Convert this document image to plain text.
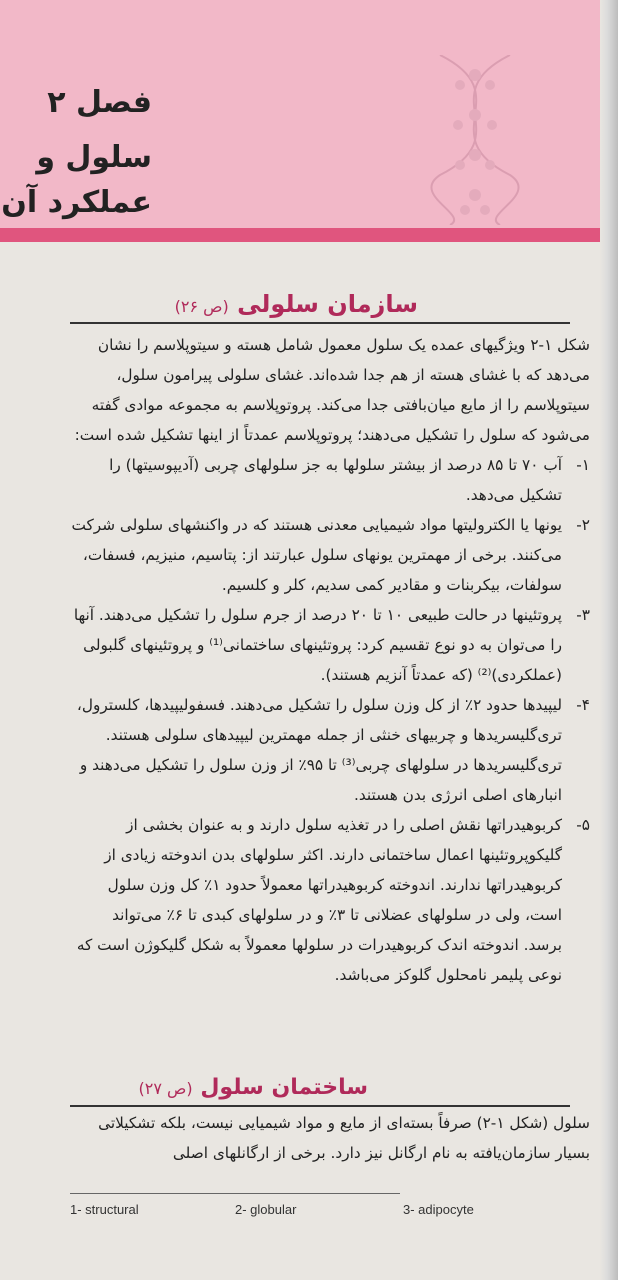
فصل ۲
سلول و
عملکرد آن
سازمان سلولی (ص ۲۶)

شکل ۱-۲ ویژگیهای عمده یک سلول معمول شامل هسته و سیتوپلاسم را نشان می‌دهد که با غشای هسته از هم جدا شده‌اند. غشای سلولی پیرامون سلول، سیتوپلاسم را از مایع میان‌بافتی جدا می‌کند. پروتوپلاسم به مجموعه موادی گفته می‌شود که سلول را تشکیل می‌دهند؛ پروتوپلاسم عمدتاً از اینها تشکیل شده است:

۱-
آب ۷۰ تا ۸۵ درصد از بیشتر سلولها به جز سلولهای چربی (آدیپوسیتها) را تشکیل می‌دهد.
۲-
یونها یا الکترولیتها مواد شیمیایی معدنی هستند که در واکنشهای سلولی شرکت می‌کنند. برخی از مهمترین یونهای سلول عبارتند از: پتاسیم، منیزیم، فسفات، سولفات، بیکربنات و مقادیر کمی سدیم، کلر و کلسیم.
۳-
پروتئینها در حالت طبیعی ۱۰ تا ۲۰ درصد از جرم سلول را تشکیل می‌دهند. آنها را می‌توان به دو نوع تقسیم کرد: پروتئینهای ساختمانی⁽¹⁾ و پروتئینهای گلبولی (عملکردی)⁽²⁾ (که عمدتاً آنزیم هستند).
۴-
لیپیدها حدود ۲٪ از کل وزن سلول را تشکیل می‌دهند. فسفولیپیدها، کلسترول، تری‌گلیسریدها و چربیهای خنثی از جمله مهمترین لیپیدهای سلولی هستند. تری‌گلیسریدها در سلولهای چربی⁽³⁾ تا ۹۵٪ از وزن سلول را تشکیل می‌دهند و انبارهای اصلی انرژی بدن هستند.
۵-
کربوهیدراتها نقش اصلی را در تغذیه سلول دارند و به عنوان بخشی از گلیکوپروتئینها اعمال ساختمانی دارند. اکثر سلولهای بدن اندوخته زیادی از کربوهیدراتها ندارند. اندوخته کربوهیدراتها معمولاً حدود ۱٪ کل وزن سلول است، ولی در سلولهای عضلانی تا ۳٪ و در سلولهای کبدی تا ۶٪ می‌تواند برسد. اندوخته اندک کربوهیدرات در سلولها معمولاً به شکل گلیکوژن است که نوعی پلیمر نامحلول گلوکز می‌باشد.
ساختمان سلول (ص ۲۷)

سلول (شکل ۱-۲) صرفاً بسته‌ای از مایع و مواد شیمیایی نیست، بلکه تشکیلاتی بسیار سازمان‌یافته به نام ارگانل نیز دارد. برخی از ارگانلهای اصلی

1- structural	2- globular	3- adipocyte
